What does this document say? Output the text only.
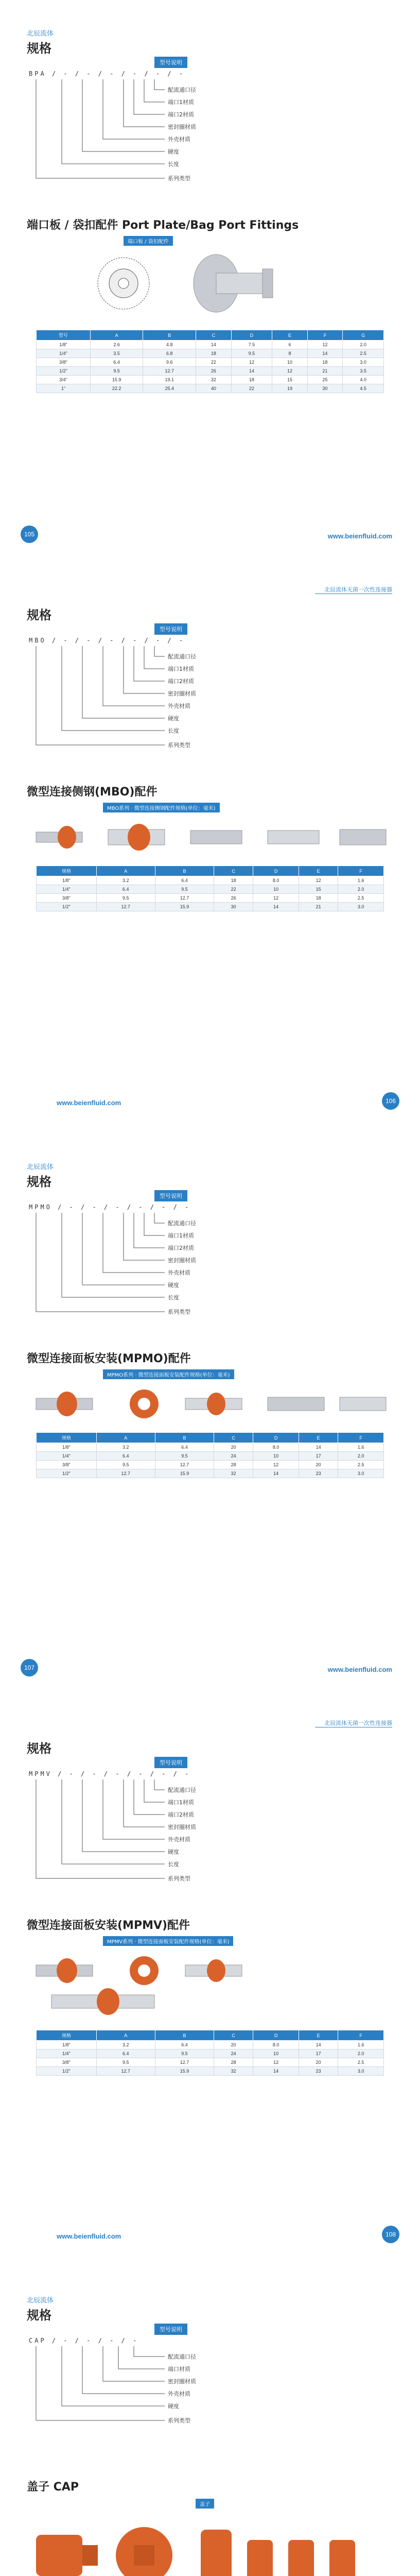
北辰流体
规格
型号说明
BPA / - / - / - / - / - / -
配流通口径
端口1材质
端口2材质
密封圈材质
外壳材质
硬度
长度
系列类型
端口板 / 袋扣配件 Port Plate/Bag Port Fittings
端口板 / 袋扣配件
型号	A	B	C	D	E	F	G
1/8"	2.6	4.8	14	7.5	6	12	2.0
1/4"	3.5	6.8	18	9.5	8	14	2.5
3/8"	6.4	9.6	22	12	10	18	3.0
1/2"	9.5	12.7	26	14	12	21	3.5
3/4"	15.9	19.1	32	18	15	25	4.0
1"	22.2	25.4	40	22	19	30	4.5
105	www.beienfluid.com
北辰流体无菌一次性连接器
规格
型号说明
MBO / - / - / - / - / - / -
配流通口径
端口1材质
端口2材质
密封圈材质
外壳材质
硬度
长度
系列类型
微型连接侧钢(MBO)配件
MBO系列 · 微型连接侧钢配件规格(单位：毫米)
规格	A	B	C	D	E	F
1/8"	3.2	6.4	18	8.0	12	1.6
1/4"	6.4	9.5	22	10	15	2.0
3/8"	9.5	12.7	26	12	18	2.5
1/2"	12.7	15.9	30	14	21	3.0
106
www.beienfluid.com
北辰流体
规格
型号说明
MPMO / - / - / - / - / - / -
配流通口径
端口1材质
端口2材质
密封圈材质
外壳材质
硬度
长度
系列类型
微型连接面板安装(MPMO)配件
MPMO系列 · 微型连接面板安装配件规格(单位：毫米)
规格	A	B	C	D	E	F
1/8"	3.2	6.4	20	8.0	14	1.6
1/4"	6.4	9.5	24	10	17	2.0
3/8"	9.5	12.7	28	12	20	2.5
1/2"	12.7	15.9	32	14	23	3.0
107	www.beienfluid.com
北辰流体无菌一次性连接器
规格
型号说明
MPMV / - / - / - / - / - / -
配流通口径
端口1材质
端口2材质
密封圈材质
外壳材质
硬度
长度
系列类型
微型连接面板安装(MPMV)配件
MPMV系列 · 微型连接面板安装配件规格(单位：毫米)
规格	A	B	C	D	E	F
1/8"	3.2	6.4	20	8.0	14	1.6
1/4"	6.4	9.5	24	10	17	2.0
3/8"	9.5	12.7	28	12	20	2.5
1/2"	12.7	15.9	32	14	23	3.0
108
www.beienfluid.com
北辰流体
规格
型号说明
CAP / - / - / - / -
配流通口径
端口材质
密封圈材质
外壳材质
硬度
系列类型
盖子 CAP
盖子
